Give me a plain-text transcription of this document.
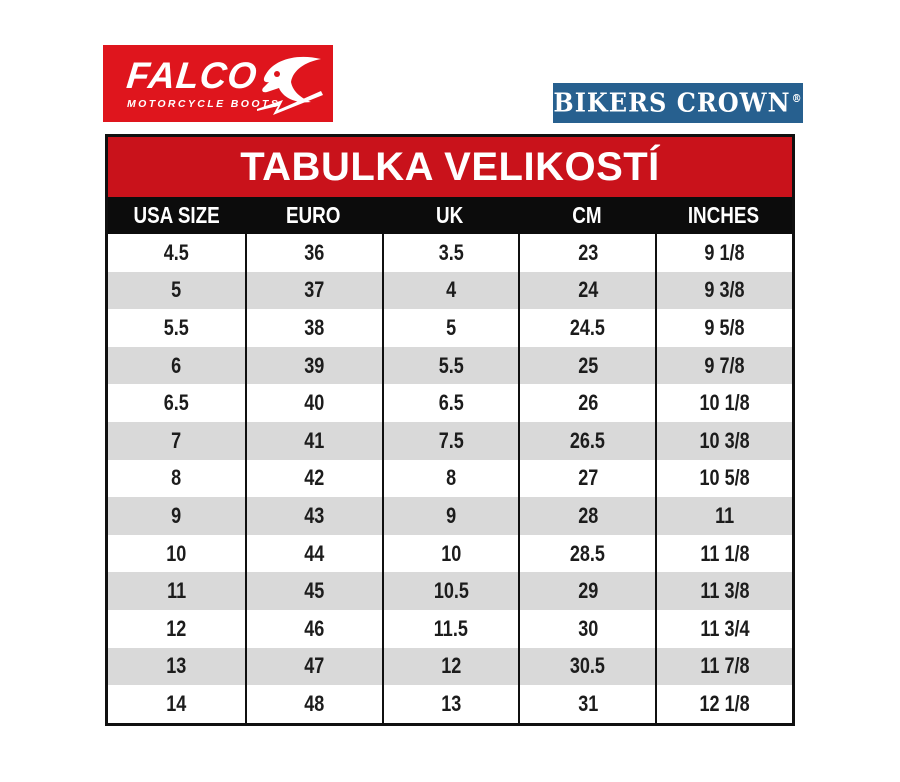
FALCO
MOTORCYCLE BOOTS	BIKERS CROWN®
TABULKA VELIKOSTÍ
USA SIZE	EURO	UK	CM	INCHES
4.5	36	3.5	23	9 1/8
5	37	4	24	9 3/8
5.5	38	5	24.5	9 5/8
6	39	5.5	25	9 7/8
6.5	40	6.5	26	10 1/8
7	41	7.5	26.5	10 3/8
8	42	8	27	10 5/8
9	43	9	28	11
10	44	10	28.5	11 1/8
11	45	10.5	29	11 3/8
12	46	11.5	30	11 3/4
13	47	12	30.5	11 7/8
14	48	13	31	12 1/8
